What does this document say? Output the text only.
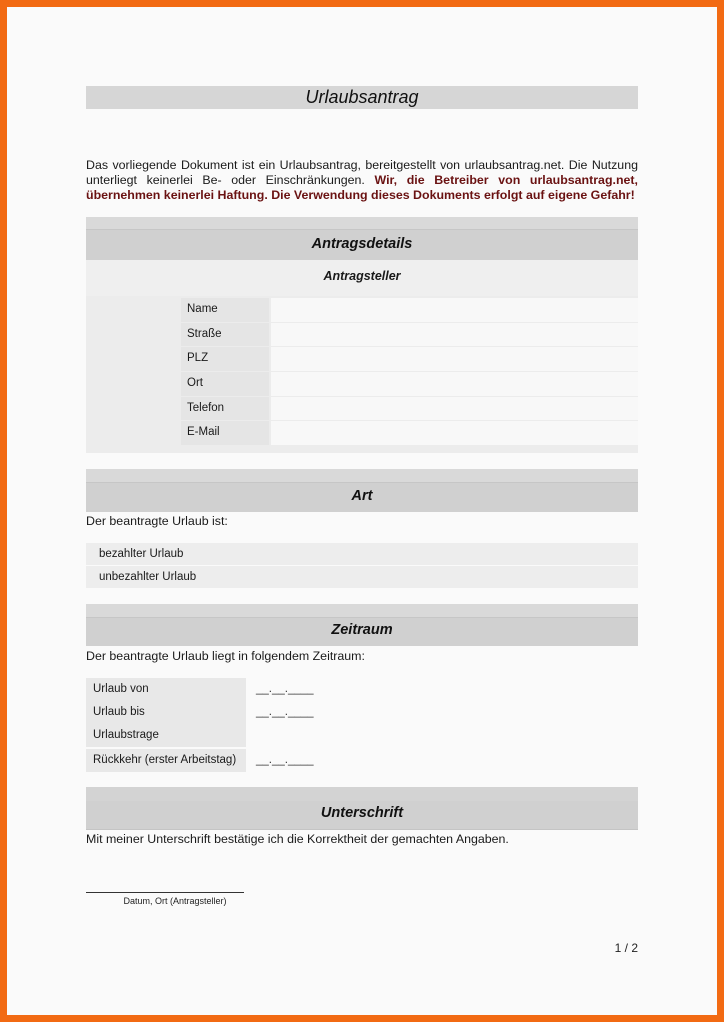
Urlaubsantrag
Das vorliegende Dokument ist ein Urlaubsantrag, bereitgestellt von urlaubsantrag.net. Die Nutzung unterliegt keinerlei Be- oder Einschränkungen. Wir, die Betreiber von urlaubsantrag.net, übernehmen keinerlei Haftung. Die Verwendung dieses Dokuments erfolgt auf eigene Gefahr!
Antragsdetails
Antragsteller
Name
Straße
PLZ
Ort
Telefon
E-Mail
Art
Der beantragte Urlaub ist:
bezahlter Urlaub
unbezahlter Urlaub
Zeitraum
Der beantragte Urlaub liegt in folgendem Zeitraum:
Urlaub von	__.__.____
Urlaub bis	__.__.____
Urlaubstrage
Rückkehr (erster Arbeitstag)	__.__.____
Unterschrift
Mit meiner Unterschrift bestätige ich die Korrektheit der gemachten Angaben.
Datum, Ort (Antragsteller)
1 / 2
